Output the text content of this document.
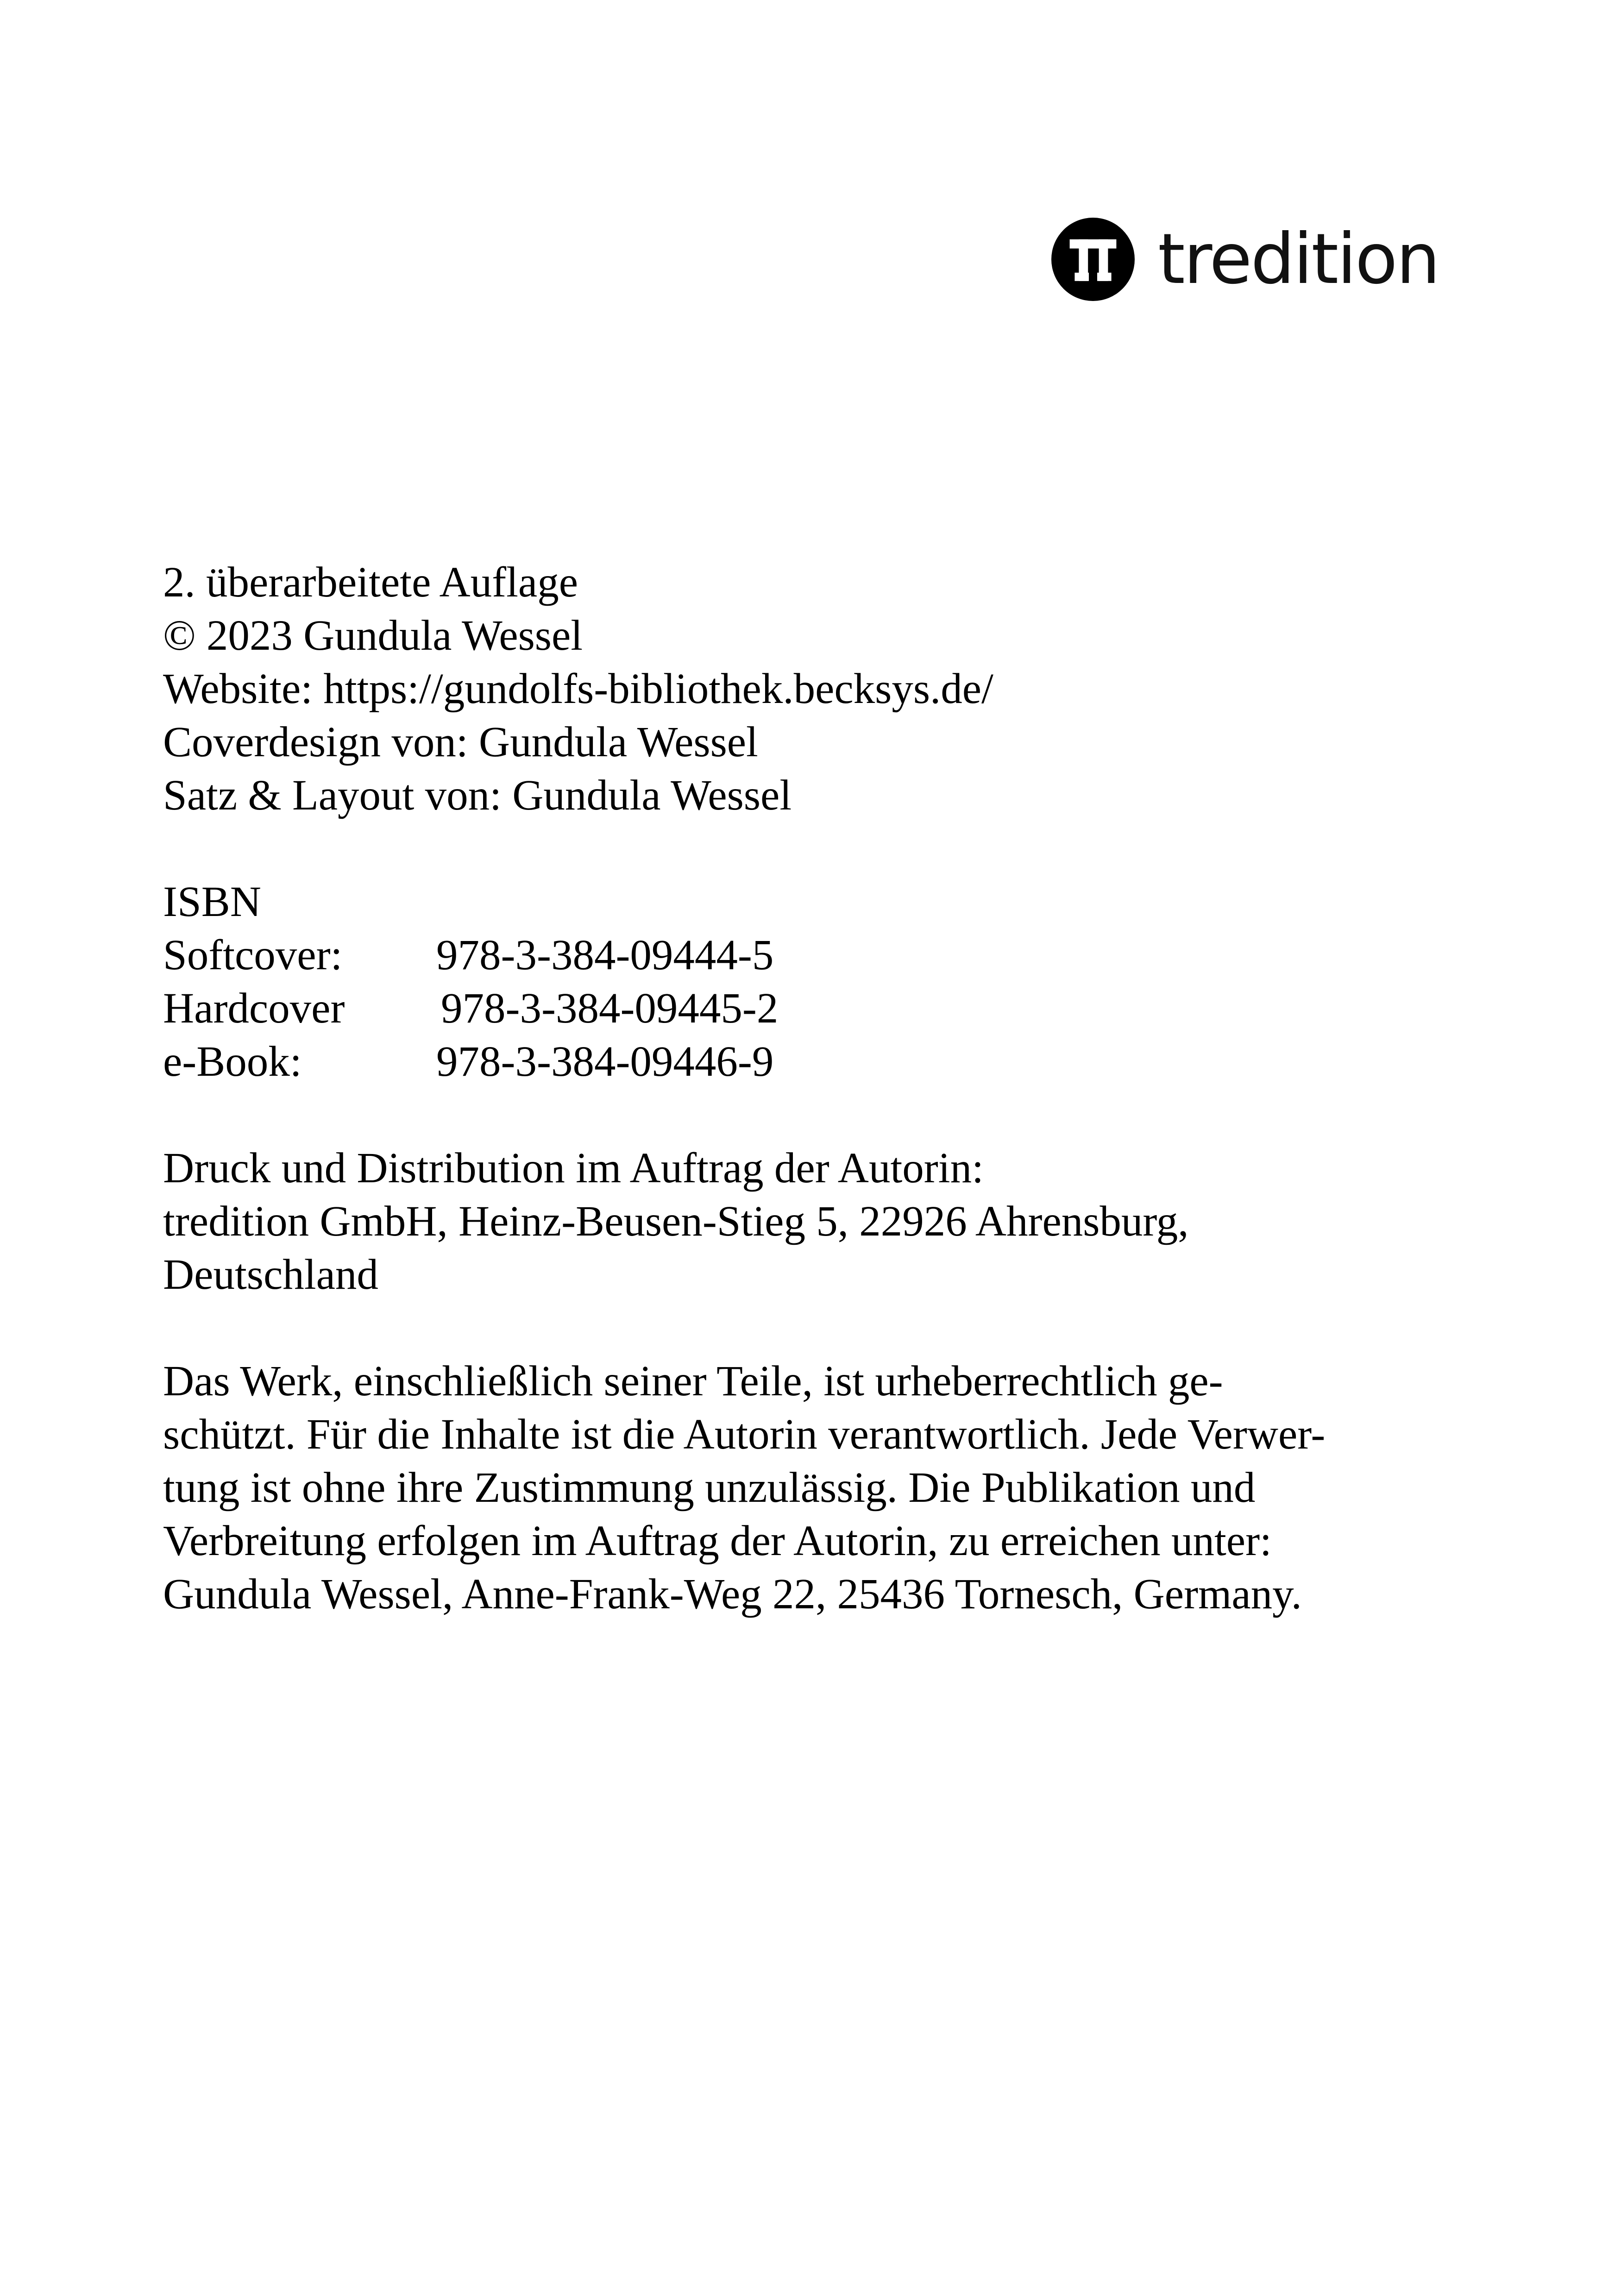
tredition
2. überarbeitete Auflage
© 2023 Gundula Wessel
Website: https://gundolfs-bibliothek.becksys.de/
Coverdesign von: Gundula Wessel
Satz & Layout von: Gundula Wessel
ISBN
Softcover:	978-3-384-09444-5
Hardcover	978-3-384-09445-2
e-Book:	978-3-384-09446-9
Druck und Distribution im Auftrag der Autorin:
tredition GmbH, Heinz-Beusen-Stieg 5, 22926 Ahrensburg,
Deutschland
Das Werk, einschließlich seiner Teile, ist urheberrechtlich ge-
schützt. Für die Inhalte ist die Autorin verantwortlich. Jede Verwer-
tung ist ohne ihre Zustimmung unzulässig. Die Publikation und
Verbreitung erfolgen im Auftrag der Autorin, zu erreichen unter:
Gundula Wessel, Anne-Frank-Weg 22, 25436 Tornesch, Germany.
